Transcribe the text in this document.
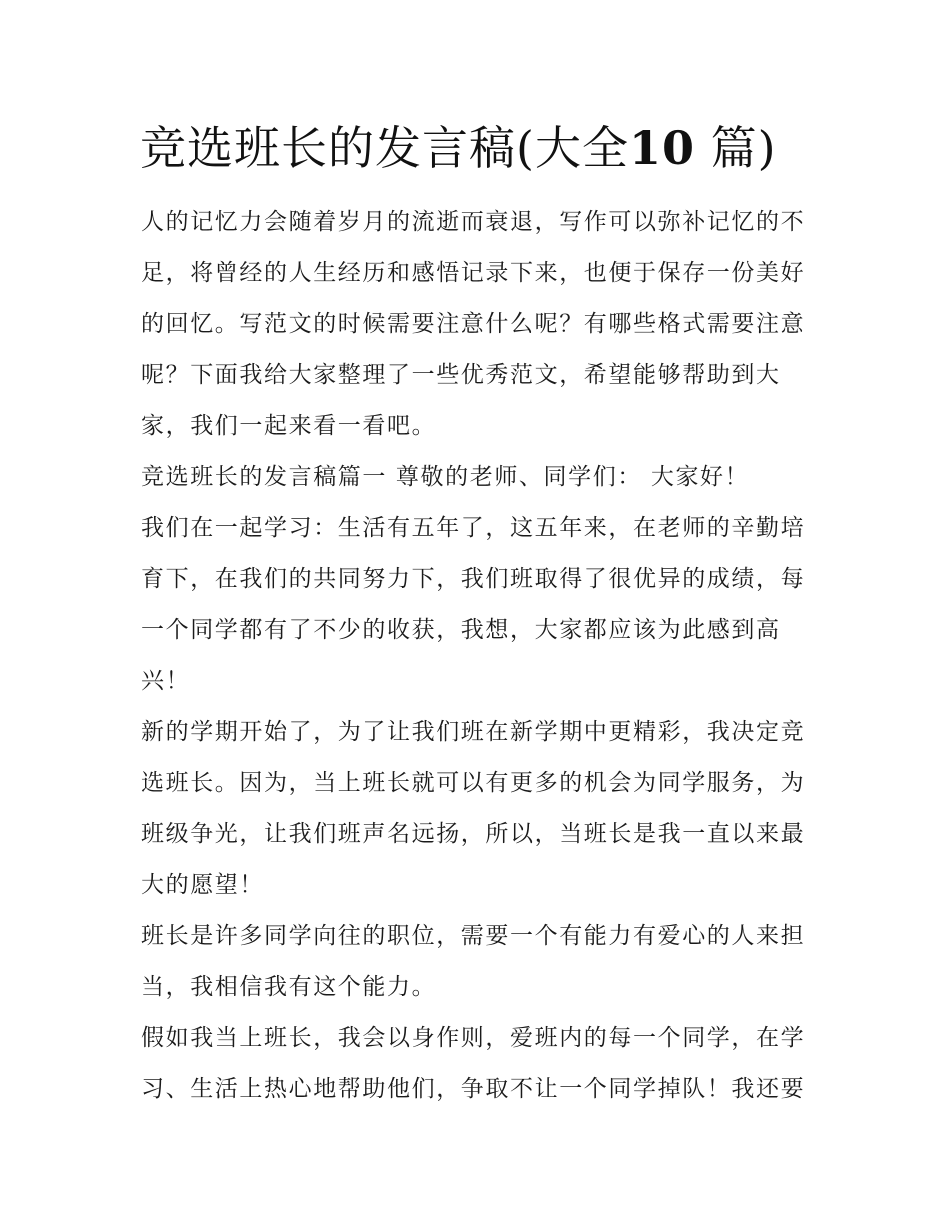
竞选班长的发言稿(大全10 篇)

人的记忆力会随着岁月的流逝而衰退，写作可以弥补记忆的不
足，将曾经的人生经历和感悟记录下来，也便于保存一份美好
的回忆。写范文的时候需要注意什么呢？有哪些格式需要注意
呢？下面我给大家整理了一些优秀范文，希望能够帮助到大
家，我们一起来看一看吧。

竞选班长的发言稿篇一 尊敬的老师、同学们： 大家好！

我们在一起学习：生活有五年了，这五年来，在老师的辛勤培
育下，在我们的共同努力下，我们班取得了很优异的成绩，每
一个同学都有了不少的收获，我想，大家都应该为此感到高
兴！

新的学期开始了，为了让我们班在新学期中更精彩，我决定竞
选班长。因为，当上班长就可以有更多的机会为同学服务，为
班级争光，让我们班声名远扬，所以，当班长是我一直以来最
大的愿望！

班长是许多同学向往的职位，需要一个有能力有爱心的人来担
当，我相信我有这个能力。

假如我当上班长，我会以身作则，爱班内的每一个同学，在学
习、生活上热心地帮助他们，争取不让一个同学掉队！我还要
